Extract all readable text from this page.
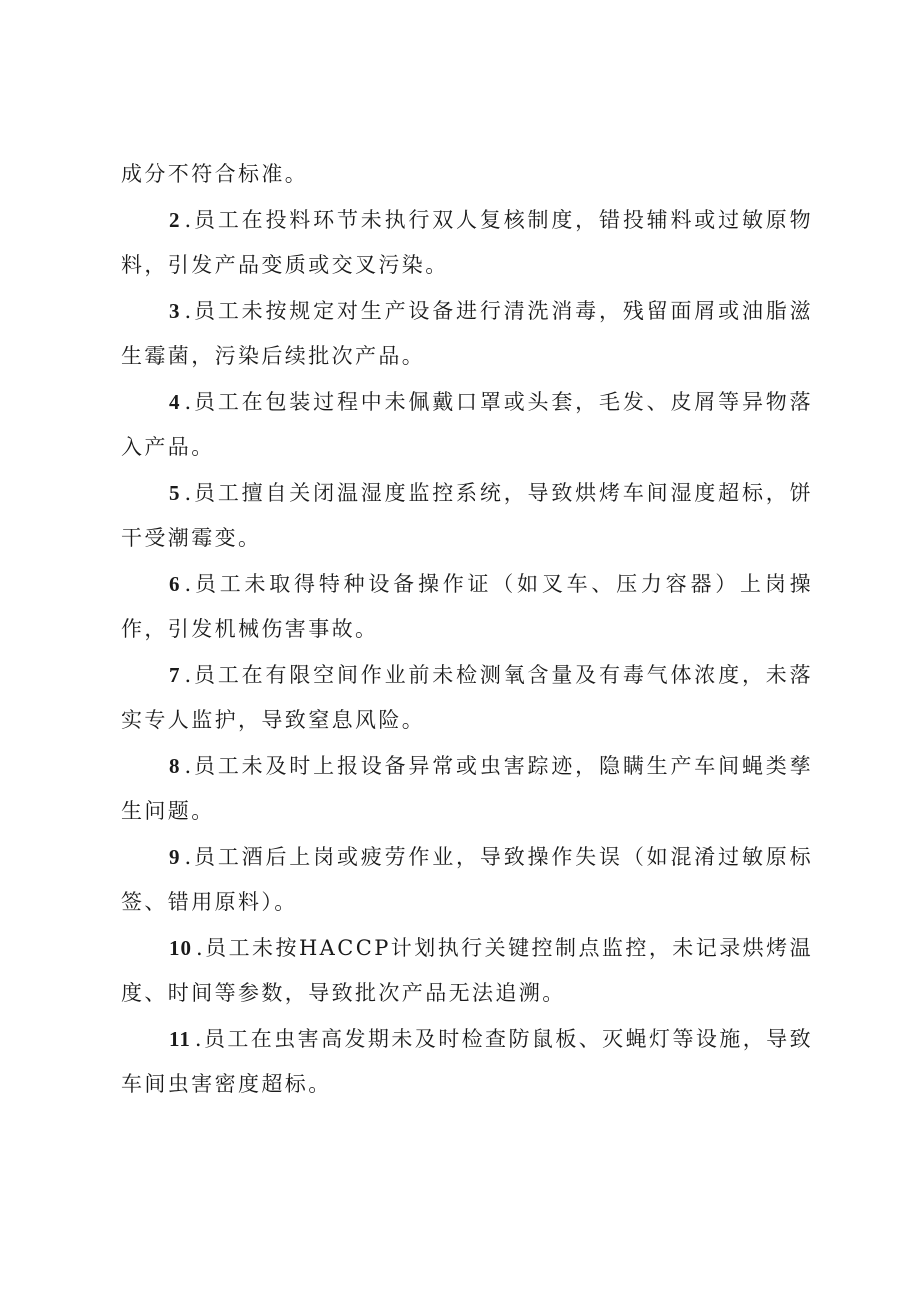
成分不符合标准。

2 .员工在投料环节未执行双人复核制度，错投辅料或过敏原物料，引发产品变质或交叉污染。

3 .员工未按规定对生产设备进行清洗消毒，残留面屑或油脂滋生霉菌，污染后续批次产品。

4 .员工在包装过程中未佩戴口罩或头套，毛发、皮屑等异物落入产品。

5 .员工擅自关闭温湿度监控系统，导致烘烤车间湿度超标，饼干受潮霉变。

6 .员工未取得特种设备操作证（如叉车、压力容器）上岗操作，引发机械伤害事故。

7 .员工在有限空间作业前未检测氧含量及有毒气体浓度，未落实专人监护，导致窒息风险。

8 .员工未及时上报设备异常或虫害踪迹，隐瞒生产车间蝇类孳生问题。

9 .员工酒后上岗或疲劳作业，导致操作失误（如混淆过敏原标签、错用原料）。

10 .员工未按HACCP计划执行关键控制点监控，未记录烘烤温度、时间等参数，导致批次产品无法追溯。

11 .员工在虫害高发期未及时检查防鼠板、灭蝇灯等设施，导致车间虫害密度超标。
